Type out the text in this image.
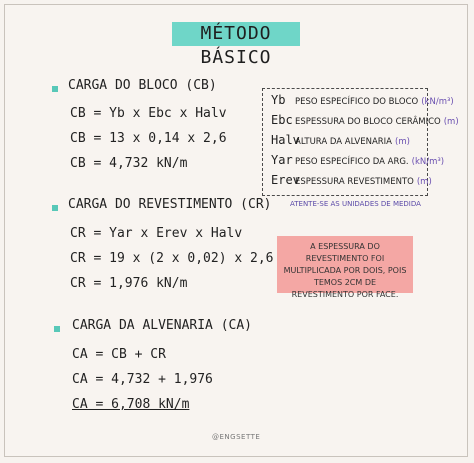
MÉTODO BÁSICO
CARGA DO BLOCO (CB)
CB = Yb x Ebc x Halv
CB = 13 x 0,14 x 2,6
CB = 4,732 kN/m
CARGA DO REVESTIMENTO (CR)
CR = Yar x Erev x Halv
CR = 19 x (2 x 0,02) x 2,6
CR = 1,976 kN/m
CARGA DA ALVENARIA (CA)
CA = CB + CR
CA = 4,732 + 1,976
CA = 6,708 kN/m
Yb PESO ESPECÍFICO DO BLOCO (kN/m³)
Ebc ESPESSURA DO BLOCO CERÂMICO (m)
HalvALTURA DA ALVENARIA (m)
Yar PESO ESPECÍFICO DA ARG. (kN/m³)
ErevESPESSURA REVESTIMENTO (m)
ATENTE-SE AS UNIDADES DE MEDIDA
A ESPESSURA DO REVESTIMENTO FOI MULTIPLICADA POR DOIS, POIS TEMOS 2CM DE REVESTIMENTO POR FACE.
@ENGSETTE
